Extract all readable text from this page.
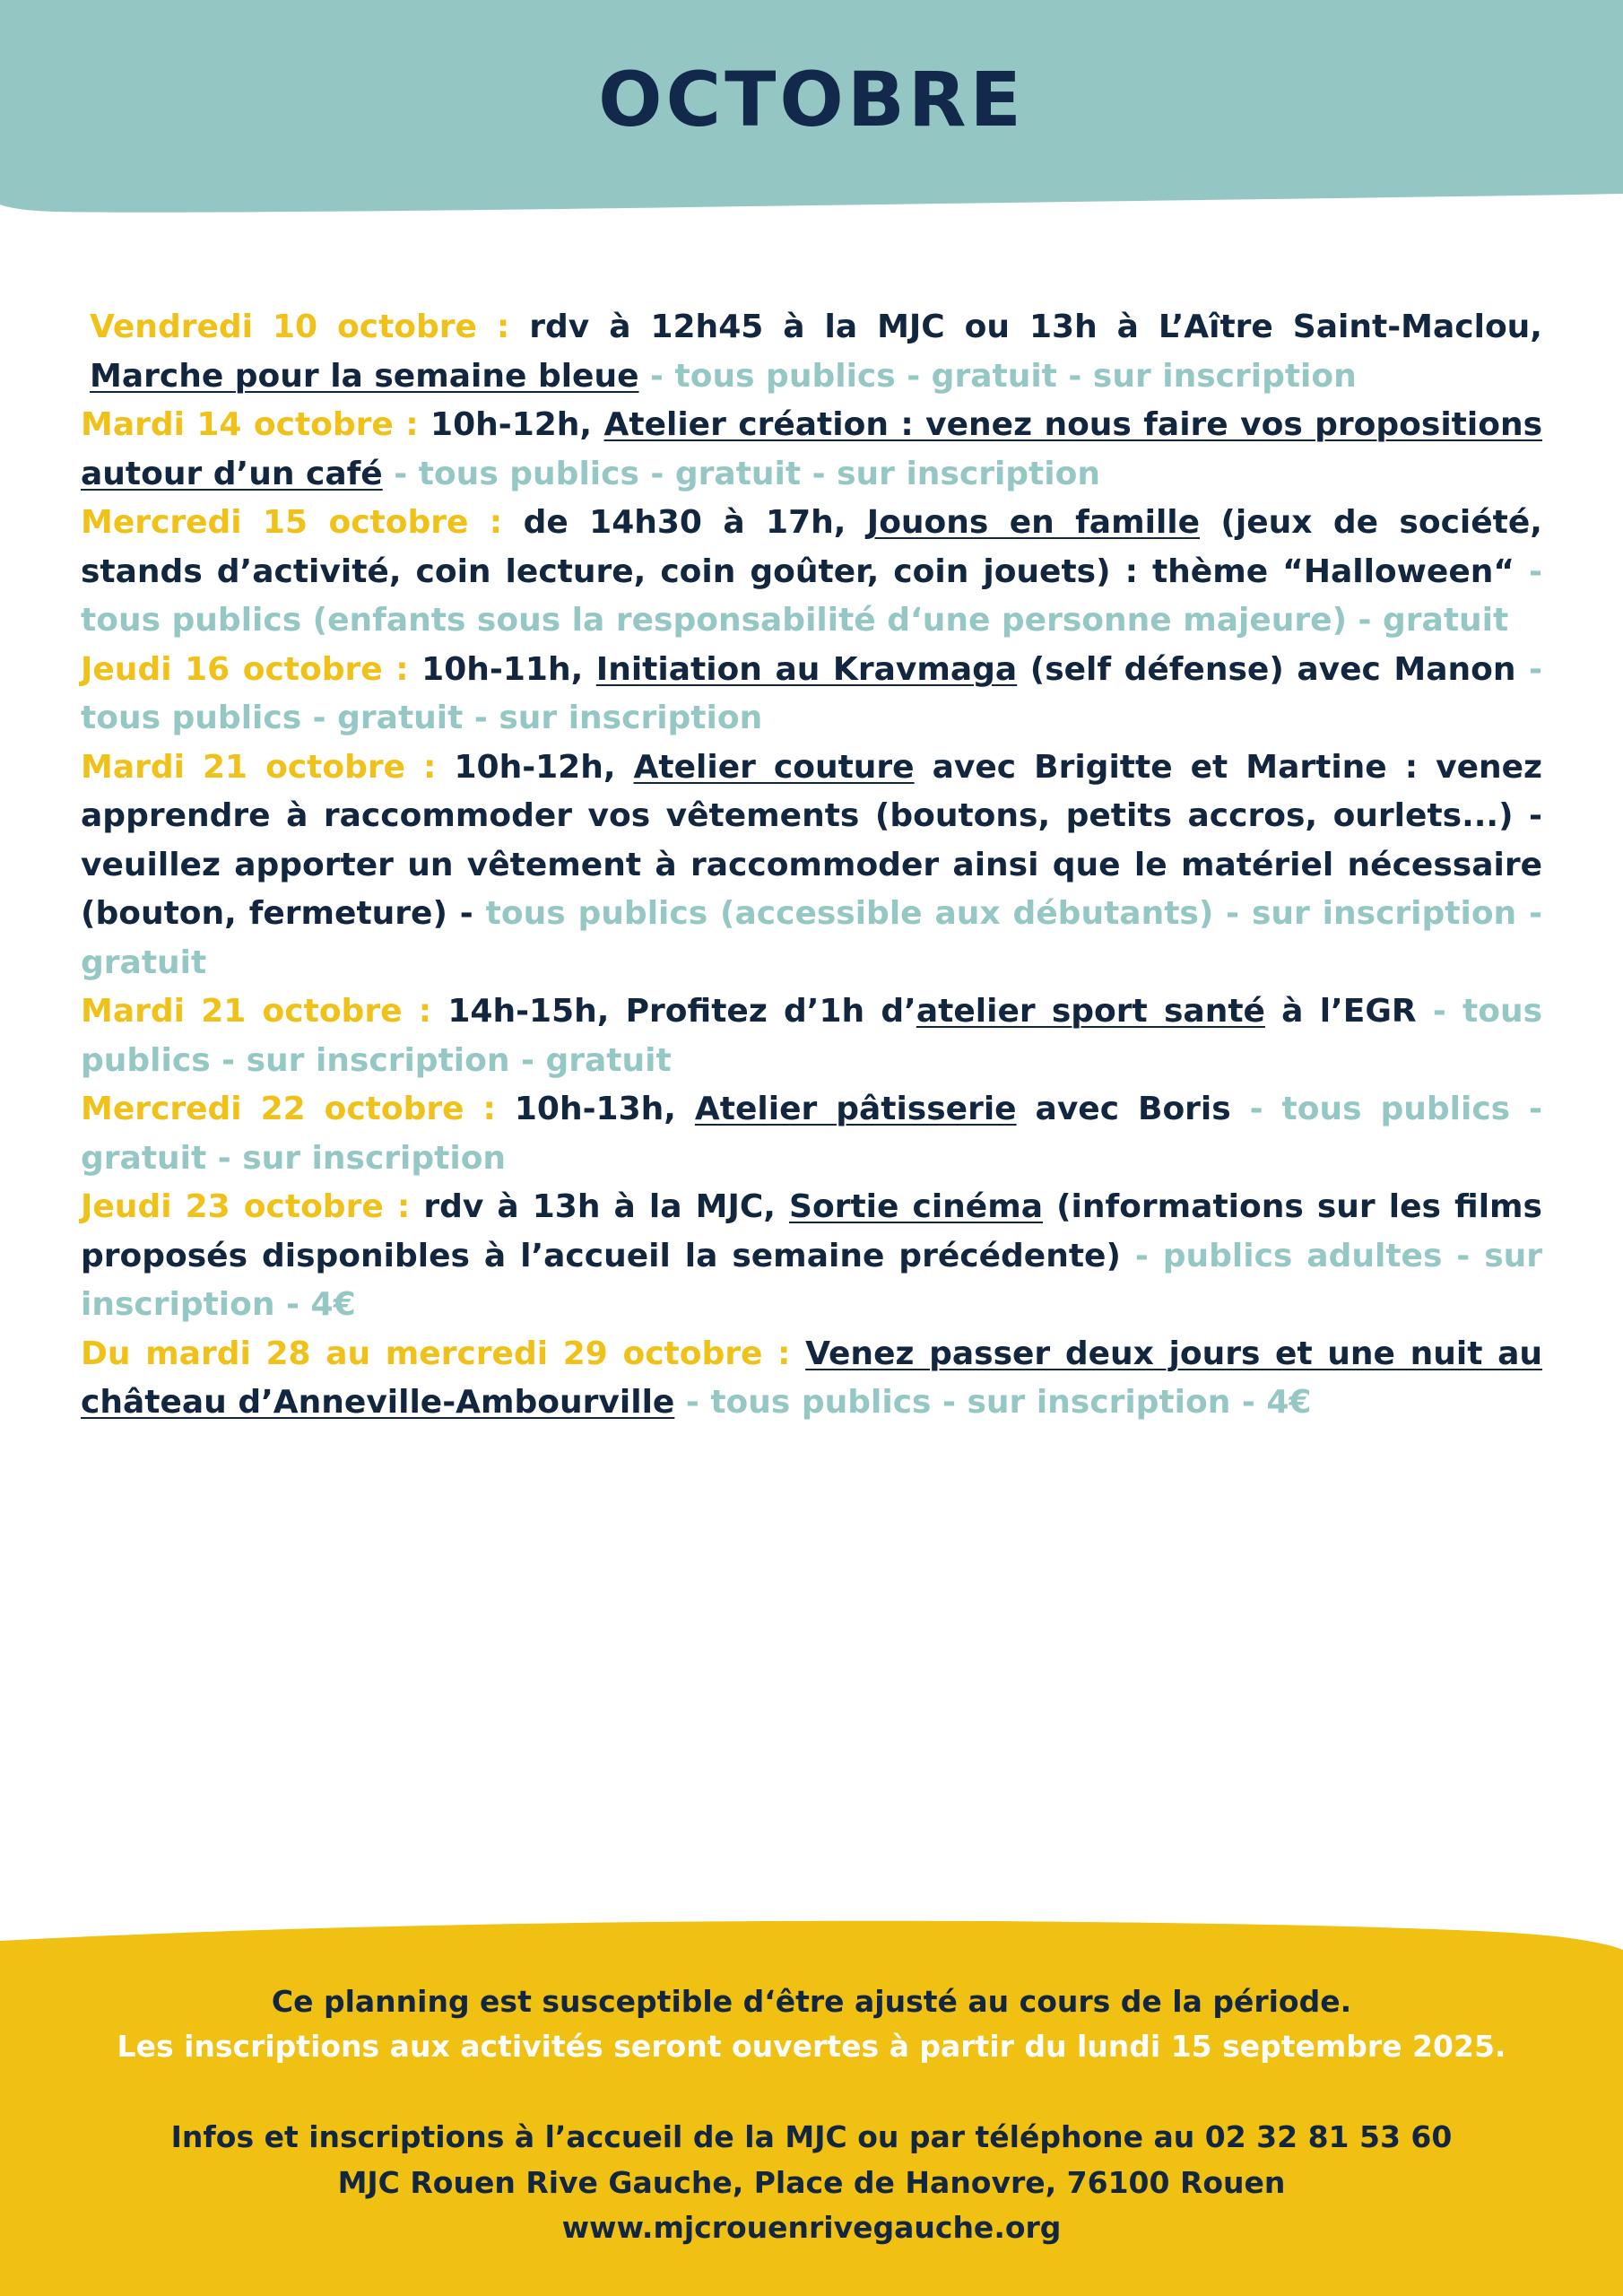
OCTOBRE

Vendredi 10 octobre : rdv à 12h45 à la MJC ou 13h à L’Aître Saint-Maclou, Marche pour la semaine bleue - tous publics - gratuit - sur inscription

Mardi 14 octobre : 10h-12h, Atelier création : venez nous faire vos propositions autour d’un café - tous publics - gratuit - sur inscription

Mercredi 15 octobre : de 14h30 à 17h, Jouons en famille (jeux de société, stands d’activité, coin lecture, coin goûter, coin jouets) : thème “Halloween“ - tous publics (enfants sous la responsabilité d‘une personne majeure) - gratuit

Jeudi 16 octobre : 10h-11h, Initiation au Kravmaga (self défense) avec Manon - tous publics - gratuit - sur inscription

Mardi 21 octobre : 10h-12h, Atelier couture avec Brigitte et Martine : venez apprendre à raccommoder vos vêtements (boutons, petits accros, ourlets...) - veuillez apporter un vêtement à raccommoder ainsi que le matériel nécessaire (bouton, fermeture) - tous publics (accessible aux débutants) - sur inscription - gratuit

Mardi 21 octobre : 14h-15h, Profitez d’1h d’atelier sport santé à l’EGR - tous publics - sur inscription - gratuit

Mercredi 22 octobre : 10h-13h, Atelier pâtisserie avec Boris - tous publics - gratuit - sur inscription

Jeudi 23 octobre : rdv à 13h à la MJC, Sortie cinéma (informations sur les films proposés disponibles à l’accueil la semaine précédente) - publics adultes - sur inscription - 4€

Du mardi 28 au mercredi 29 octobre : Venez passer deux jours et une nuit au château d’Anneville-Ambourville - tous publics - sur inscription - 4€

Ce planning est susceptible d‘être ajusté au cours de la période.

Les inscriptions aux activités seront ouvertes à partir du lundi 15 septembre 2025.

Infos et inscriptions à l’accueil de la MJC ou par téléphone au 02 32 81 53 60

MJC Rouen Rive Gauche, Place de Hanovre, 76100 Rouen

www.mjcrouenrivegauche.org
